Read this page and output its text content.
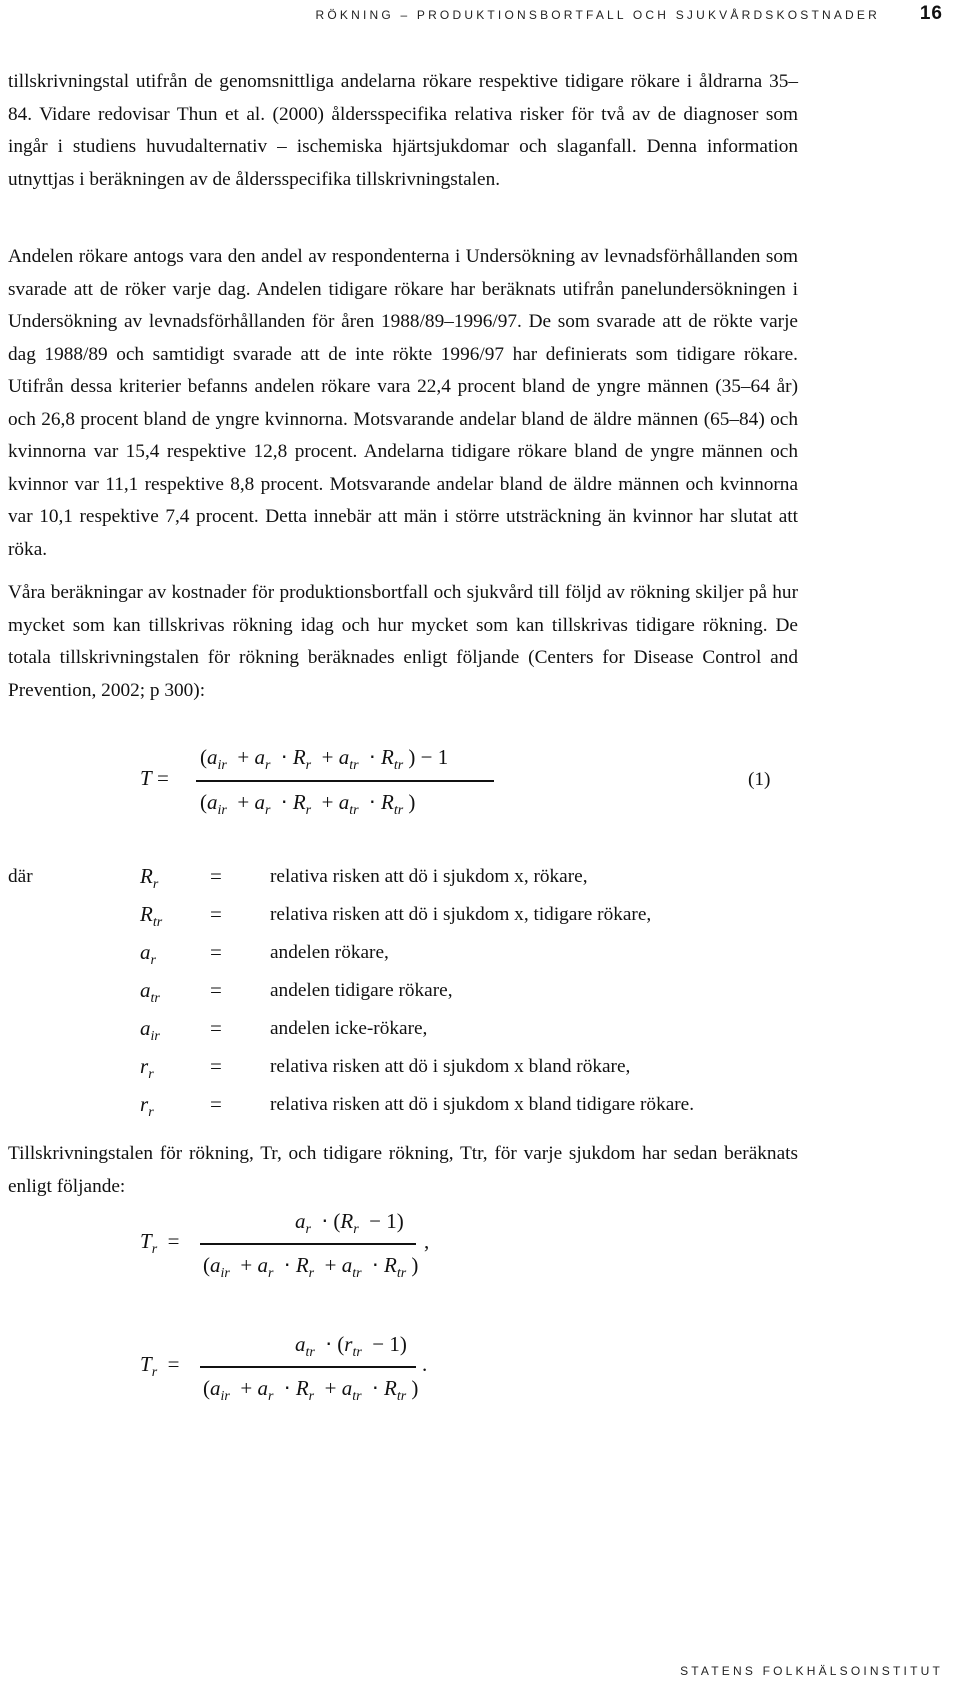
RÖKNING – PRODUKTIONSBORTFALL OCH SJUKVÅRDSKOSTNADER 16

tillskrivningstal utifrån de genomsnittliga andelarna rökare respektive tidigare rökare i åldrarna 35–84. Vidare redovisar Thun et al. (2000) åldersspecifika relativa risker för två av de diagnoser som ingår i studiens huvudalternativ – ischemiska hjärtsjukdomar och slaganfall. Denna information utnyttjas i beräkningen av de åldersspecifika tillskrivningstalen.

Andelen rökare antogs vara den andel av respondenterna i Undersökning av levnadsförhållanden som svarade att de röker varje dag. Andelen tidigare rökare har beräknats utifrån panelundersökningen i Undersökning av levnadsförhållanden för åren 1988/89–1996/97. De som svarade att de rökte varje dag 1988/89 och samtidigt svarade att de inte rökte 1996/97 har definierats som tidigare rökare. Utifrån dessa kriterier befanns andelen rökare vara 22,4 procent bland de yngre männen (35–64 år) och 26,8 procent bland de yngre kvinnorna. Motsvarande andelar bland de äldre männen (65–84) och kvinnorna var 15,4 respektive 12,8 procent. Andelarna tidigare rökare bland de yngre männen och kvinnor var 11,1 respektive 8,8 procent. Motsvarande andelar bland de äldre männen och kvinnorna var 10,1 respektive 7,4 procent. Detta innebär att män i större utsträckning än kvinnor har slutat att röka.

Våra beräkningar av kostnader för produktionsbortfall och sjukvård till följd av rökning skiljer på hur mycket som kan tillskrivas rökning idag och hur mycket som kan tillskrivas tidigare rökning. De totala tillskrivningstalen för rökning beräknades enligt följande (Centers for Disease Control and Prevention, 2002; p 300):

T =
($a_{ir} + a_r \cdot R_r + a_{tr} \cdot R_{tr}$ ) − 1
($a_{ir} + a_r \cdot R_r + a_{tr} \cdot R_{tr}$ )
(1)
där	$R_r$ = relativa risken att dö i sjukdom x, rökare,
$R_{tr}$ = relativa risken att dö i sjukdom x, tidigare rökare,
$a_r$	= andelen rökare,
$a_{tr}$ = andelen tidigare rökare,
$a_{ir}$ = andelen icke-rökare,
$r_r$	= relativa risken att dö i sjukdom x bland rökare,
$r_r$	= relativa risken att dö i sjukdom x bland tidigare rökare.

Tillskrivningstalen för rökning, Tr, och tidigare rökning, Ttr, för varje sjukdom har sedan beräknats enligt följande:

$T_r$  =
$a_r \cdot (R_r - 1)$
($a_{ir} + a_r \cdot R_r + a_{tr} \cdot R_{tr}$ )
,
$T_r$  =
$a_{tr} \cdot (r_{tr} - 1)$
($a_{ir} + a_r \cdot R_r + a_{tr} \cdot R_{tr}$ )
.
STATENS FOLKHÄLSOINSTITUT
